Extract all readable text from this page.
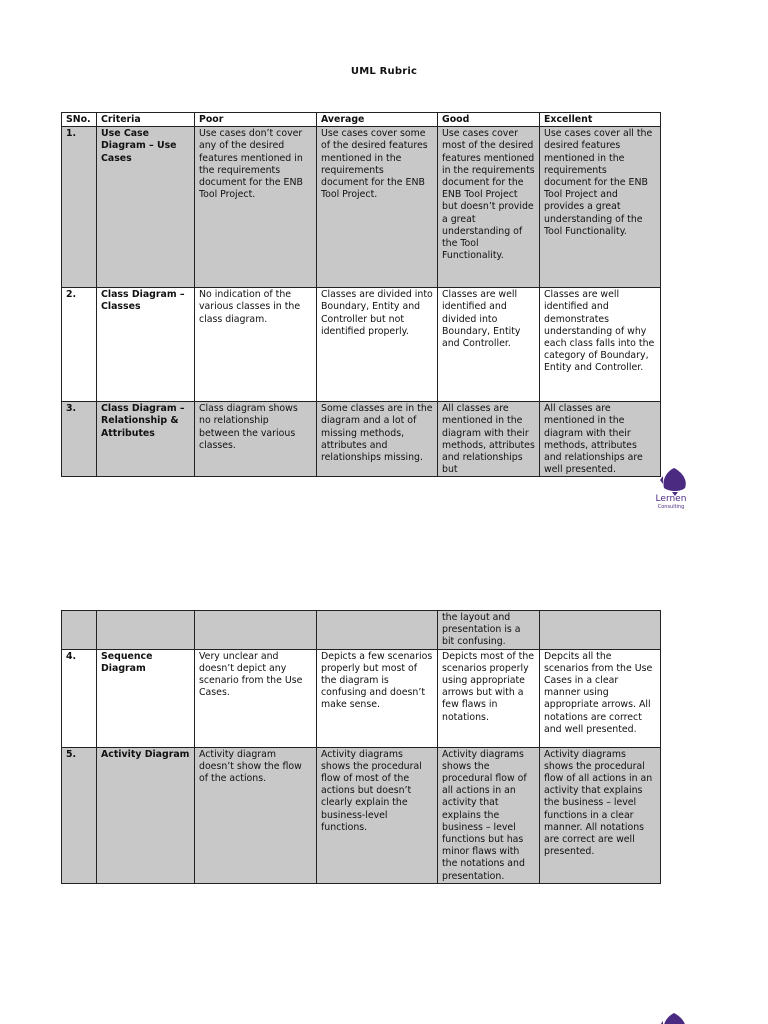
UML Rubric
SNo.	Criteria	Poor	Average	Good	Excellent
1.	Use Case Diagram – Use Cases	Use cases don’t cover any of the desired features mentioned in the requirements document for the ENB Tool Project.	Use cases cover some of the desired features mentioned in the requirements document for the ENB Tool Project.	Use cases cover most of the desired features mentioned in the requirements document for the ENB Tool Project but doesn’t provide a great understanding of the Tool Functionality.	Use cases cover all the desired features mentioned in the requirements document for the ENB Tool Project and provides a great understanding of the Tool Functionality.
2.	Class Diagram – Classes	No indication of the various classes in the class diagram.	Classes are divided into Boundary, Entity and Controller but not identified properly.	Classes are well identified and divided into Boundary, Entity and Controller.	Classes are well identified and demonstrates understanding of why each class falls into the category of Boundary, Entity and Controller.
3.	Class Diagram – Relationship & Attributes	Class diagram shows no relationship between the various classes.	Some classes are in the diagram and a lot of missing methods, attributes and relationships missing.	All classes are mentioned in the diagram with their methods, attributes and relationships but	All classes are mentioned in the diagram with their methods, attributes and relationships are well presented.
Lernen
Consulting
				the layout and presentation is a bit confusing.	
4.	Sequence Diagram	Very unclear and doesn’t depict any scenario from the Use Cases.	Depicts a few scenarios properly but most of the diagram is confusing and doesn’t make sense.	Depicts most of the scenarios properly using appropriate arrows but with a few flaws in notations.	Depcits all the scenarios from the Use Cases in a clear manner using appropriate arrows. All notations are correct and well presented.
5.	Activity Diagram	Activity diagram doesn’t show the flow of the actions.	Activity diagrams shows the procedural flow of most of the actions but doesn’t clearly explain the business-level functions.	Activity diagrams shows the procedural flow of all actions in an activity that explains the business – level functions but has minor flaws with the notations and presentation.	Activity diagrams shows the procedural flow of all actions in an activity that explains the business – level functions in a clear manner. All notations are correct are well presented.
